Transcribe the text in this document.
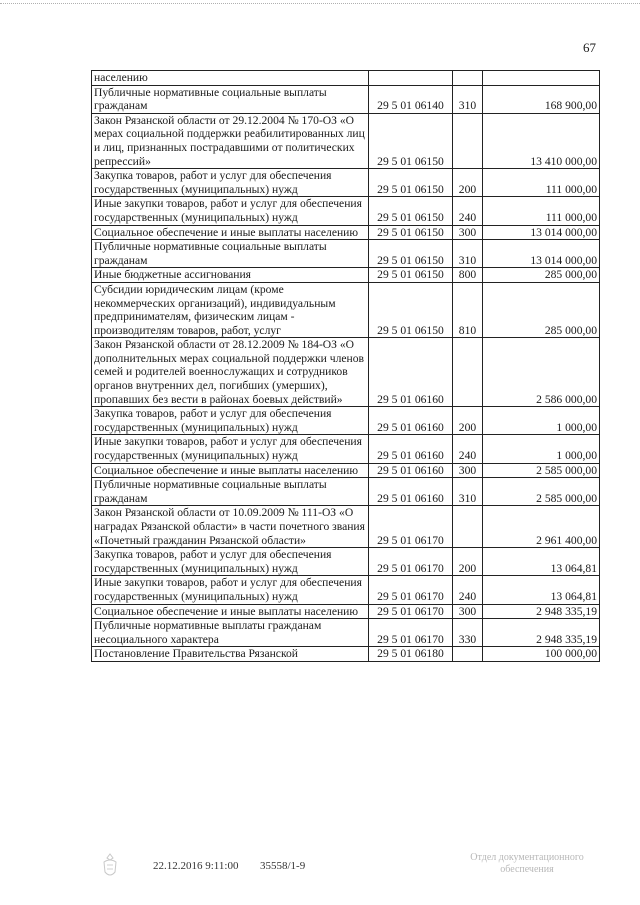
67
населению			
Публичные нормативные социальные выплаты гражданам	29 5 01 06140	310	168 900,00
Закон Рязанской области от 29.12.2004 № 170-ОЗ «О мерах социальной поддержки реабилитированных лиц и лиц, признанных пострадавшими от политических репрессий»	29 5 01 06150		13 410 000,00
Закупка товаров, работ и услуг для обеспечения государственных (муниципальных) нужд	29 5 01 06150	200	111 000,00
Иные закупки товаров, работ и услуг для обеспечения государственных (муниципальных) нужд	29 5 01 06150	240	111 000,00
Социальное обеспечение и иные выплаты населению	29 5 01 06150	300	13 014 000,00
Публичные нормативные социальные выплаты гражданам	29 5 01 06150	310	13 014 000,00
Иные бюджетные ассигнования	29 5 01 06150	800	285 000,00
Субсидии юридическим лицам (кроме некоммерческих организаций), индивидуальным предпринимателям, физическим лицам - производителям товаров, работ, услуг	29 5 01 06150	810	285 000,00
Закон Рязанской области от 28.12.2009 № 184-ОЗ «О дополнительных мерах социальной поддержки членов семей и родителей военнослужащих и сотрудников органов внутренних дел, погибших (умерших), пропавших без вести в районах боевых действий»	29 5 01 06160		2 586 000,00
Закупка товаров, работ и услуг для обеспечения государственных (муниципальных) нужд	29 5 01 06160	200	1 000,00
Иные закупки товаров, работ и услуг для обеспечения государственных (муниципальных) нужд	29 5 01 06160	240	1 000,00
Социальное обеспечение и иные выплаты населению	29 5 01 06160	300	2 585 000,00
Публичные нормативные социальные выплаты гражданам	29 5 01 06160	310	2 585 000,00
Закон Рязанской области от 10.09.2009 № 111-ОЗ «О наградах Рязанской области» в части почетного звания «Почетный гражданин Рязанской области»	29 5 01 06170		2 961 400,00
Закупка товаров, работ и услуг для обеспечения государственных (муниципальных) нужд	29 5 01 06170	200	13 064,81
Иные закупки товаров, работ и услуг для обеспечения государственных (муниципальных) нужд	29 5 01 06170	240	13 064,81
Социальное обеспечение и иные выплаты населению	29 5 01 06170	300	2 948 335,19
Публичные нормативные выплаты гражданам несоциального характера	29 5 01 06170	330	2 948 335,19
Постановление Правительства Рязанской	29 5 01 06180		100 000,00
22.12.2016 9:11:00 35558/1-9
Отдел документационного обеспечения
